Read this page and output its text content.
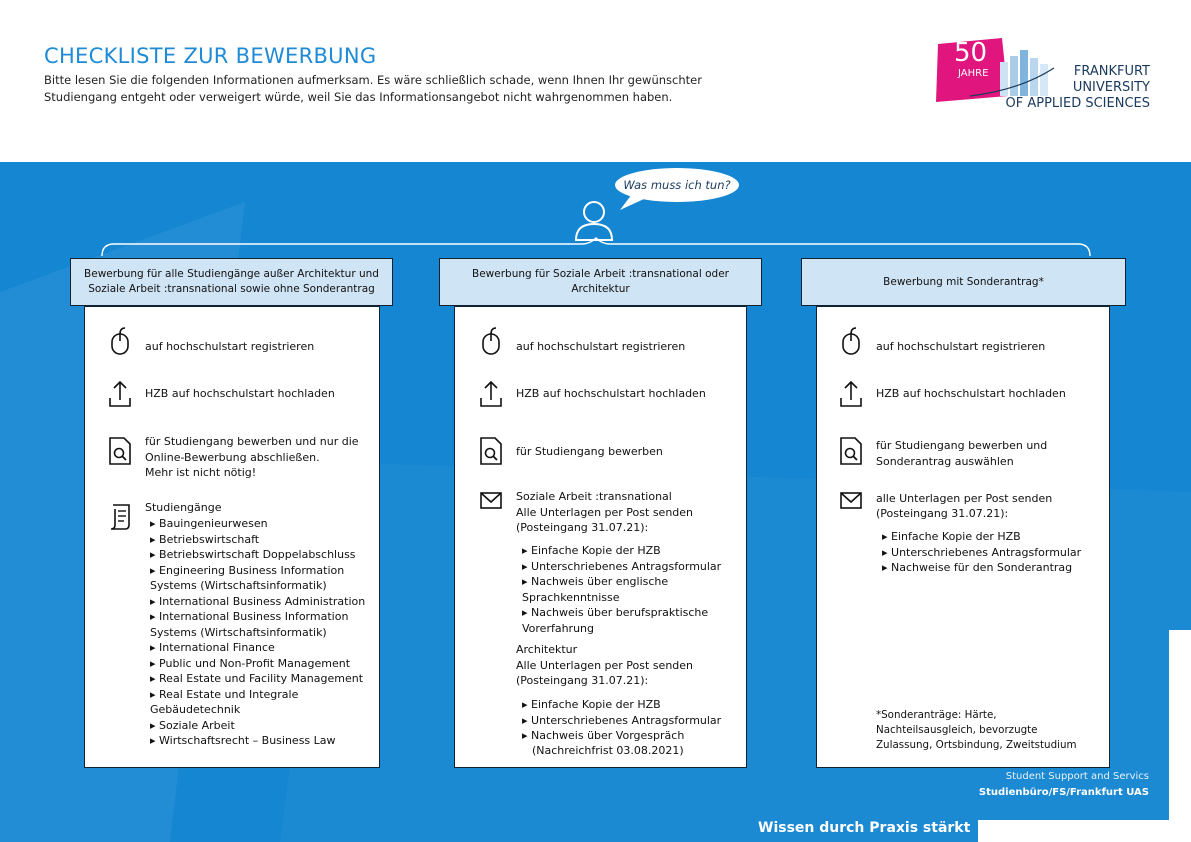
CHECKLISTE ZUR BEWERBUNG
Bitte lesen Sie die folgenden Informationen aufmerksam. Es wäre schließlich schade, wenn Ihnen Ihr gewünschter Studiengang entgeht oder verweigert würde, weil Sie das Informationsangebot nicht wahrgenommen haben.
50
JAHRE	FRANKFURT
UNIVERSITY
OF APPLIED SCIENCES
Was muss ich tun?
Bewerbung für alle Studiengänge außer Architektur und Soziale Arbeit :transnational sowie ohne Sonderantrag
Bewerbung für Soziale Arbeit :transnational oder Architektur
Bewerbung mit Sonderantrag*
auf hochschulstart registrieren
HZB auf hochschulstart hochladen
für Studiengang bewerben und nur die Online-Bewerbung abschließen.
Mehr ist nicht nötig!
Studiengänge
▸ Bauingenieurwesen
▸ Betriebswirtschaft
▸ Betriebswirtschaft Doppelabschluss
▸ Engineering Business Information Systems (Wirtschaftsinformatik)
▸ International Business Administration
▸ International Business Information Systems (Wirtschaftsinformatik)
▸ International Finance
▸ Public und Non-Profit Management
▸ Real Estate und Facility Management
▸ Real Estate und Integrale Gebäudetechnik
▸ Soziale Arbeit
▸ Wirtschaftsrecht – Business Law
auf hochschulstart registrieren
HZB auf hochschulstart hochladen
für Studiengang bewerben
Soziale Arbeit :transnational
Alle Unterlagen per Post senden
(Posteingang 31.07.21):
▸ Einfache Kopie der HZB
▸ Unterschriebenes Antragsformular
▸ Nachweis über englische Sprachkenntnisse
▸ Nachweis über berufspraktische Vorerfahrung
Architektur
Alle Unterlagen per Post senden
(Posteingang 31.07.21):
▸ Einfache Kopie der HZB
▸ Unterschriebenes Antragsformular
▸ Nachweis über Vorgespräch
(Nachreichfrist 03.08.2021)
auf hochschulstart registrieren
HZB auf hochschulstart hochladen
für Studiengang bewerben und Sonderantrag auswählen
alle Unterlagen per Post senden
(Posteingang 31.07.21):
▸ Einfache Kopie der HZB
▸ Unterschriebenes Antragsformular
▸ Nachweise für den Sonderantrag
*Sonderanträge: Härte, Nachteilsausgleich, bevorzugte Zulassung, Ortsbindung, Zweitstudium
Student Support and Servics
Studienbüro/FS/Frankfurt UAS
Wissen durch Praxis stärkt
